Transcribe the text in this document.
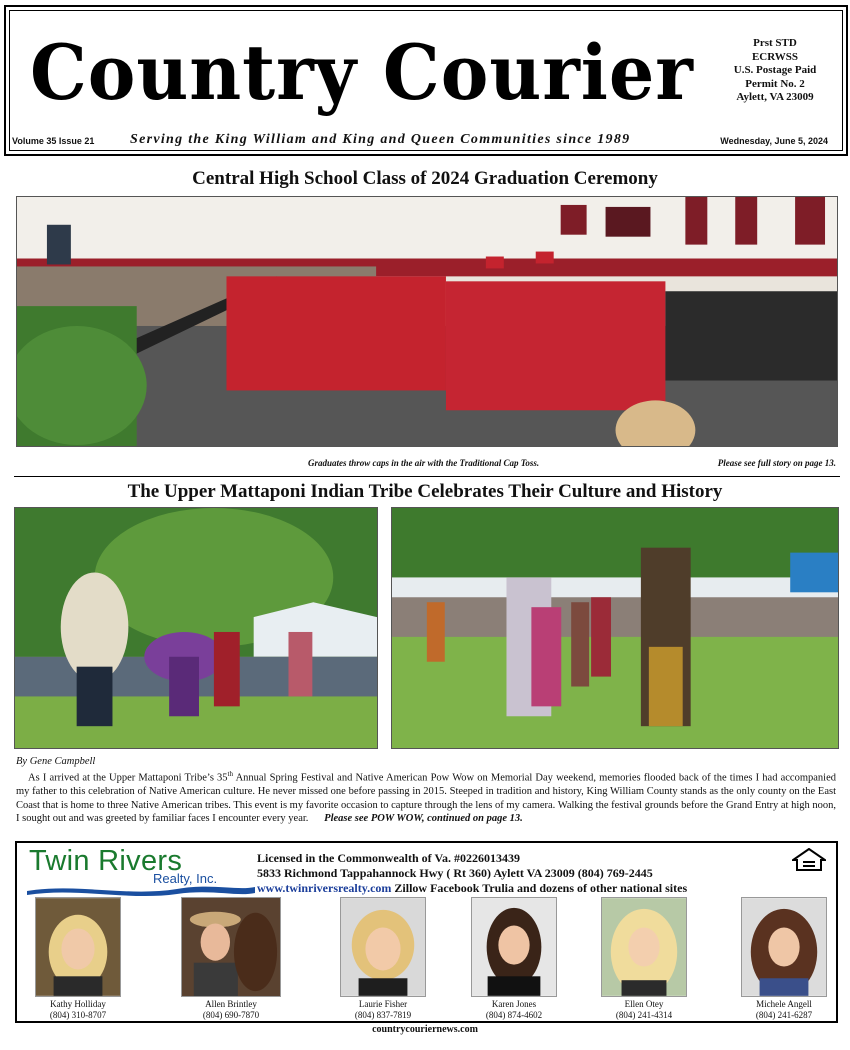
Country Courier	Prst STD
ECRWSS
U.S. Postage Paid
Permit No. 2
Aylett, VA 23009
Volume 35 Issue 21	Serving the King William and King and Queen Communities since 1989	Wednesday, June 5, 2024
Central High School Class of 2024 Graduation Ceremony
Graduates throw caps in the air with the Traditional Cap Toss.	Please see full story on page 13.
The Upper Mattaponi Indian Tribe Celebrates Their Culture and History
By Gene Campbell
As I arrived at the Upper Mattaponi Tribe’s 35th Annual Spring Festival and Native American Pow Wow on Memorial Day weekend, memories flooded back of the times I had accompanied my father to this celebration of Native American culture. He never missed one before passing in 2015. Steeped in tradition and history, King William County stands as the only county on the East Coast that is home to three Native American tribes. This event is my favorite occasion to capture through the lens of my camera. Walking the festival grounds before the Grand Entry at high noon, I sought out and was greeted by familiar faces I encounter every year. Please see POW WOW, continued on page 13.
Twin Rivers
Realty, Inc.
Licensed in the Commonwealth of Va. #0226013439
5833 Richmond Tappahannock Hwy ( Rt 360) Aylett VA 23009 (804) 769-2445
www.twinriversrealty.com Zillow Facebook Trulia and dozens of other national sites
Kathy Holliday
(804) 310-8707
Allen Brintley
(804) 690-7870
Laurie Fisher
(804) 837-7819
Karen Jones
(804) 874-4602
Ellen Otey
(804) 241-4314
Michele Angell
(804) 241-6287
countrycouriernews.com
